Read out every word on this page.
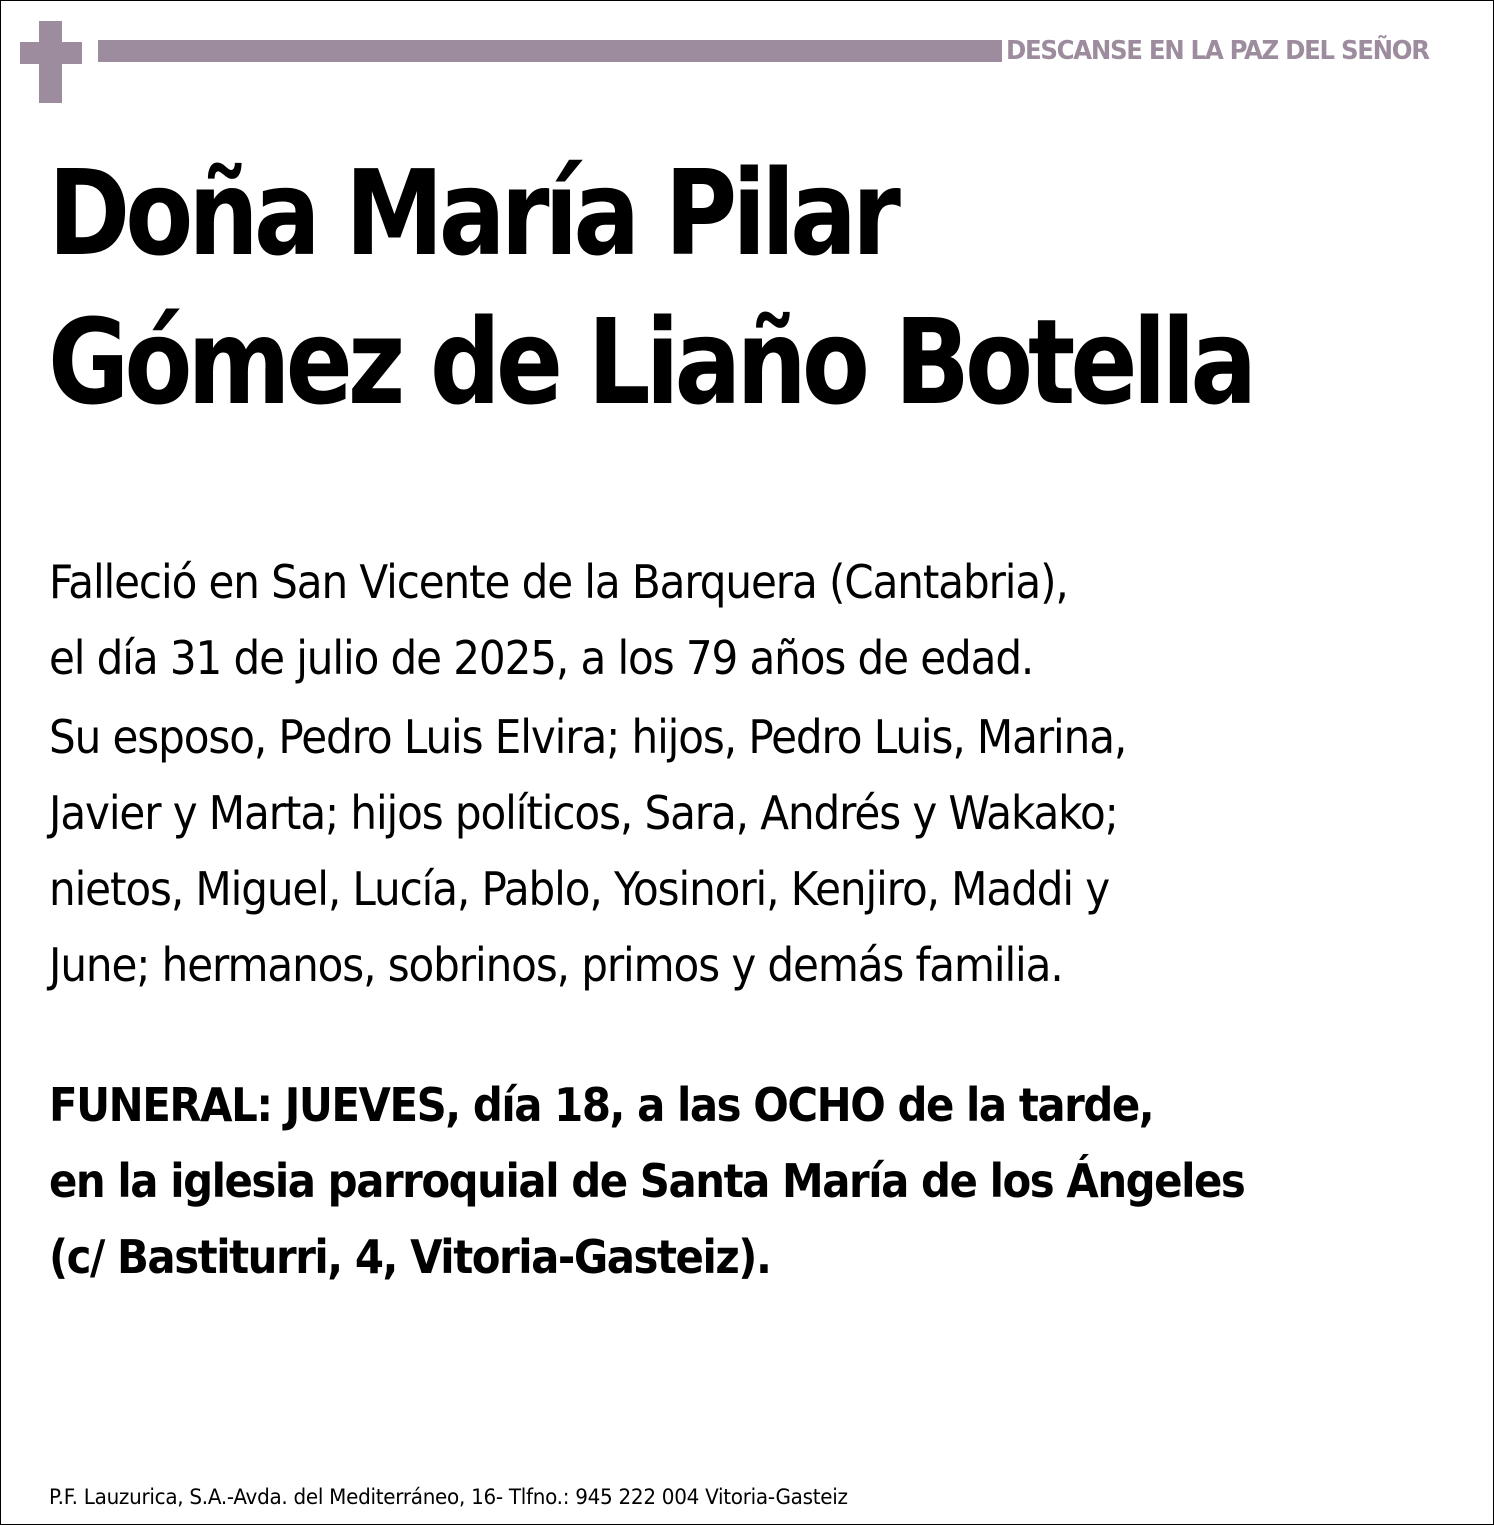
DESCANSE EN LA PAZ DEL SEÑOR
Doña María Pilar
Gómez de Liaño Botella
Falleció en San Vicente de la Barquera (Cantabria),
el día 31 de julio de 2025, a los 79 años de edad.
Su esposo, Pedro Luis Elvira; hijos, Pedro Luis, Marina,
Javier y Marta; hijos políticos, Sara, Andrés y Wakako;
nietos, Miguel, Lucía, Pablo, Yosinori, Kenjiro, Maddi y
June; hermanos, sobrinos, primos y demás familia.
FUNERAL: JUEVES, día 18, a las OCHO de la tarde,
en la iglesia parroquial de Santa María de los Ángeles
(c/ Bastiturri, 4, Vitoria-Gasteiz).
P.F. Lauzurica, S.A.-Avda. del Mediterráneo, 16- Tlfno.: 945 222 004 Vitoria-Gasteiz
